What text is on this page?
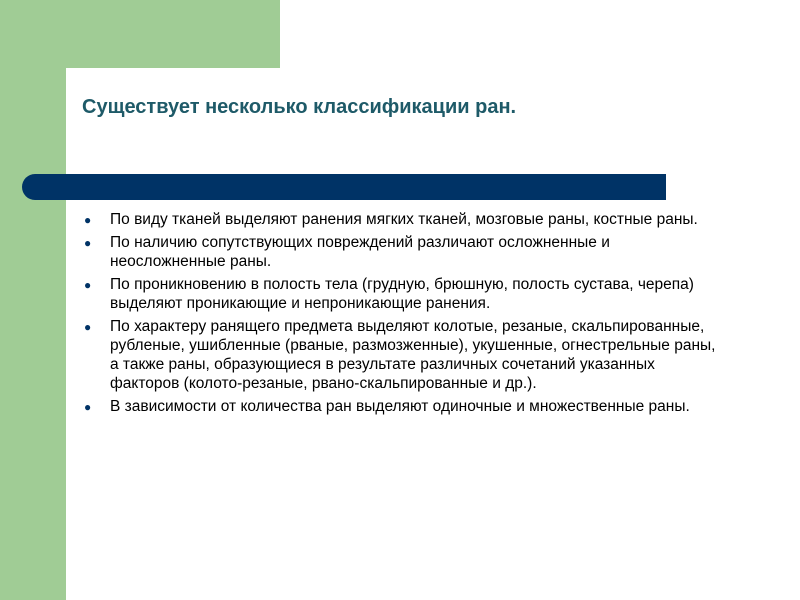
Существует несколько классификации ран.
● По виду тканей выделяют ранения мягких тканей, мозговые раны, костные раны.
● По наличию сопутствующих повреждений различают осложненные и неосложненные раны.
● По проникновению в полость тела (грудную, брюшную, полость сустава, черепа) выделяют проникающие и непроникающие ранения.
● По характеру ранящего предмета выделяют колотые, резаные, скальпированные, рубленые, ушибленные (рваные, размозженные), укушенные, огнестрельные раны, а также раны, образующиеся в результате различных сочетаний указанных факторов (колото-резаные, рвано-скальпированные и др.).
● В зависимости от количества ран выделяют одиночные и множественные раны.
